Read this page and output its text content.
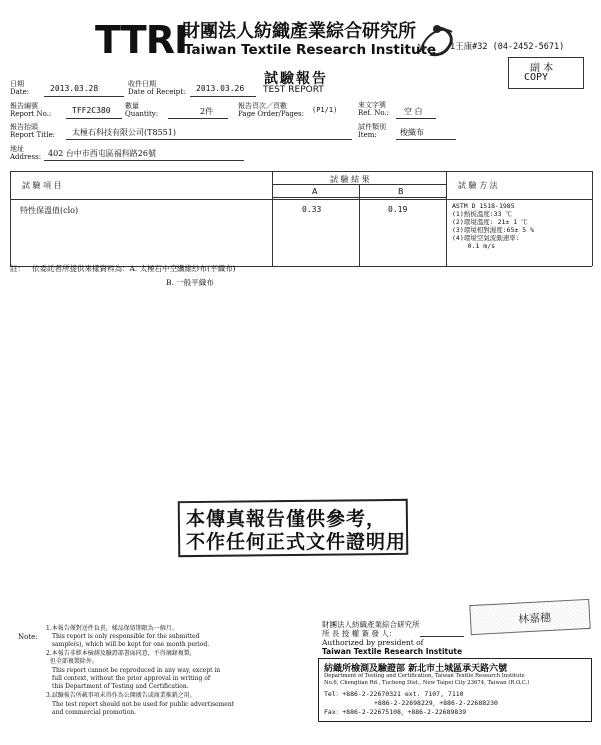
TTRI
財團法人紡織產業綜合研究所
Taiwan Textile Research Institute 1王康#32 (04-2452-5671)
副 本
COPY
試驗報告
TEST REPORT
日期
Date:	2013.03.28	收件日期
Date of Receipt: 2013.03.26
報告編號
Report No.:	TFF2C380 數量
Quantity:	2件
報告頁次／頁數
Page Order/Pages: (P1/1)
來文字號
Ref. No.: 空 白
報告抬頭
Report Title: 太極石科技有限公司(T8551)
試件類別
Item:	梭織布
地址
Address: 402 台中市西屯區福科路26號
試 驗 項 目
試 驗 結 果
A	B
試 驗 方 法
特性保溫值(clo)	0.33	0.19	ASTM D 1518-1985
(1)熱板溫度:33 ℃
(2)環境溫度: 21± 1 ℃
(3)環境相對濕度:65± 5 %
(4)環境空氣流動速率:
0.1 m/s
註： 依委託者所提供來樣資料為：A. 太極石中空纖維紗布(平織布)
B. 一般平織布
本傳真報告僅供參考，
不作任何正式文件證明用
1.本報告僅對送件負責，樣品保留期限為一個月。
Note: This report is only responsible for the submitted
sample(s), which will be kept for one month period.
2.本報告非經本檢測及驗證部書面同意，不得摘錄複製，
但全部複製除外。
This report cannot be reproduced in any way, except in
full context, without the prior approval in writing of
this Department of Testing and Certification.
3.試驗報告所載事項未得作為公開廣告或商業推銷之用。
The test report should not be used for public advertisement
and commercial promotion.
財團法人紡織產業綜合研究所
所 長 授 權 簽 發 人：
Authorized by president of
Taiwan Textile Research Institute
林嘉穗
紡織所檢測及驗證部 新北市土城區承天路六號
Department of Testing and Certification, Taiwan Textile Research Institute
No.6, Chengtian Rd., Tucheng Dist., New Taipei City 23674, Taiwan (R.O.C.)
Tel：+886-2-22670321 ext. 7107, 7110
+886-2-22698229，+886-2-22688230
Fax：+886-2-22675108，+886-2-22689839
